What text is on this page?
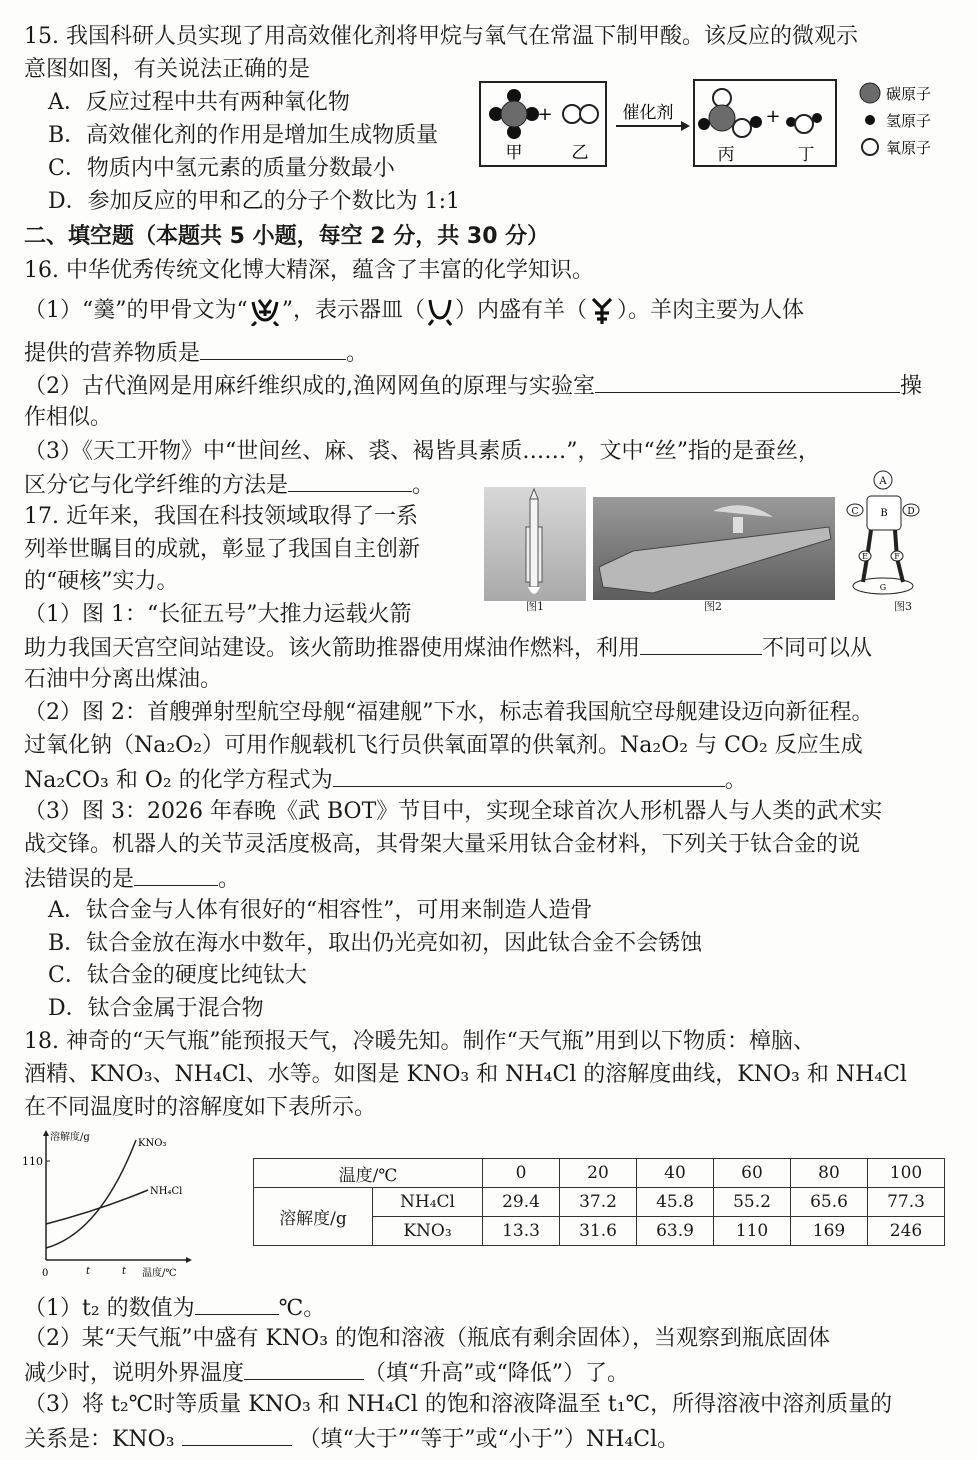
15. 我国科研人员实现了用高效催化剂将甲烷与氧气在常温下制甲酸。该反应的微观示
意图如图，有关说法正确的是
A．反应过程中共有两种氧化物
B．高效催化剂的作用是增加生成物质量
C．物质内中氢元素的质量分数最小
D．参加反应的甲和乙的分子个数比为 1:1
+
甲	乙
催化剂	+
丙	丁
碳原子
氢原子
氧原子
二、填空题（本题共 5 小题，每空 2 分，共 30 分）
16. 中华优秀传统文化博大精深，蕴含了丰富的化学知识。
（1）“羹”的甲骨文为“ ”，表示器皿（ ）内盛有羊（ ）。羊肉主要为人体
提供的营养物质是	。
（2）古代渔网是用麻纤维织成的,渔网网鱼的原理与实验室	操
作相似。
（3）《天工开物》中“世间丝、麻、裘、褐皆具素质……”，文中“丝”指的是蚕丝，
区分它与化学纤维的方法是	。
17. 近年来，我国在科技领域取得了一系
列举世瞩目的成就，彰显了我国自主创新
的“硬核”实力。
（1）图 1：“长征五号”大推力运载火箭
A
B
C	D
E	F
G
图1	图2	图3
助力我国天宫空间站建设。该火箭助推器使用煤油作燃料，利用	不同可以从
石油中分离出煤油。
（2）图 2：首艘弹射型航空母舰“福建舰”下水，标志着我国航空母舰建设迈向新征程。
过氧化钠（Na₂O₂）可用作舰载机飞行员供氧面罩的供氧剂。Na₂O₂ 与 CO₂ 反应生成
Na₂CO₃ 和 O₂ 的化学方程式为	。
（3）图 3：2026 年春晚《武 BOT》节目中，实现全球首次人形机器人与人类的武术实
战交锋。机器人的关节灵活度极高，其骨架大量采用钛合金材料，下列关于钛合金的说
法错误的是	。
A．钛合金与人体有很好的“相容性”，可用来制造人造骨
B．钛合金放在海水中数年，取出仍光亮如初，因此钛合金不会锈蚀
C．钛合金的硬度比纯钛大
D．钛合金属于混合物
18. 神奇的“天气瓶”能预报天气，冷暖先知。制作“天气瓶”用到以下物质：樟脑、
酒精、KNO₃、NH₄Cl、水等。如图是 KNO₃ 和 NH₄Cl 的溶解度曲线，KNO₃ 和 NH₄Cl
在不同温度时的溶解度如下表所示。
溶解度/g
温度/℃
110
0	t	t
KNO₃
NH₄Cl
温度/℃		0	20	40	60	80	100
溶解度/g	NH₄Cl	29.4	37.2	45.8	55.2	65.6	77.3
	KNO₃	13.3	31.6	63.9	110	169	246
（1）t₂ 的数值为	℃。
（2）某“天气瓶”中盛有 KNO₃ 的饱和溶液（瓶底有剩余固体），当观察到瓶底固体
减少时，说明外界温度	（填“升高”或“降低”）了。
（3）将 t₂℃时等质量 KNO₃ 和 NH₄Cl 的饱和溶液降温至 t₁℃，所得溶液中溶剂质量的
关系是：KNO₃	（填“大于”“等于”或“小于”）NH₄Cl。
